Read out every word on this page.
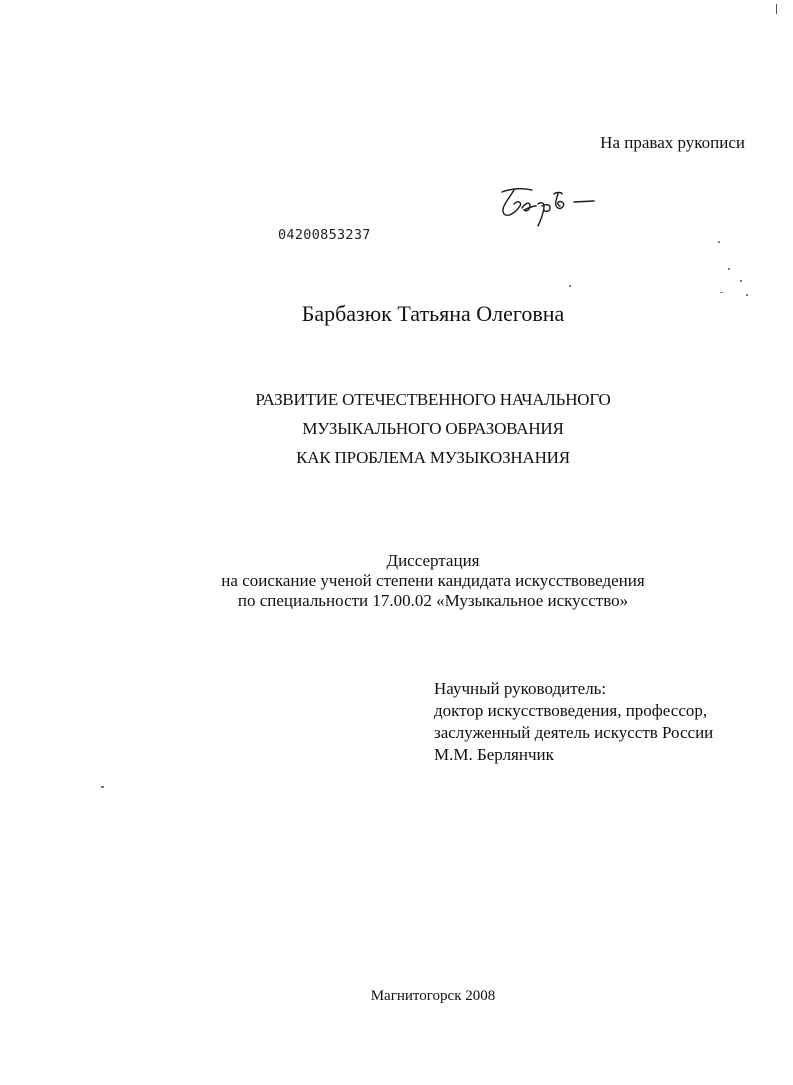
На правах рукописи
04200853237
Барбазюк Татьяна Олеговна
РАЗВИТИЕ ОТЕЧЕСТВЕННОГО НАЧАЛЬНОГО
МУЗЫКАЛЬНОГО ОБРАЗОВАНИЯ
КАК ПРОБЛЕМА МУЗЫКОЗНАНИЯ
Диссертация
на соискание ученой степени кандидата искусствоведения
по специальности 17.00.02 «Музыкальное искусство»
Научный руководитель:
доктор искусствоведения, профессор,
заслуженный деятель искусств России
М.М. Берлянчик
Магнитогорск 2008
